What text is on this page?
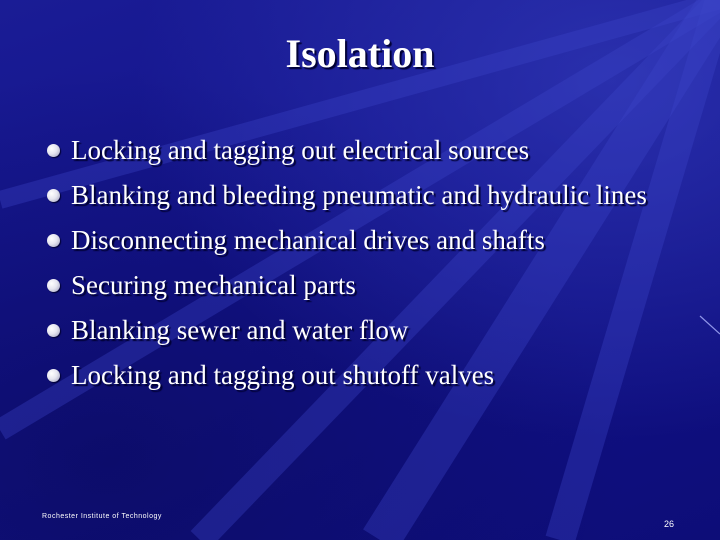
Isolation
Locking and tagging out electrical sources
Blanking and bleeding pneumatic and hydraulic lines
Disconnecting mechanical drives and shafts
Securing mechanical parts
Blanking sewer and water flow
Locking and tagging out shutoff valves
Rochester Institute of Technology
26
